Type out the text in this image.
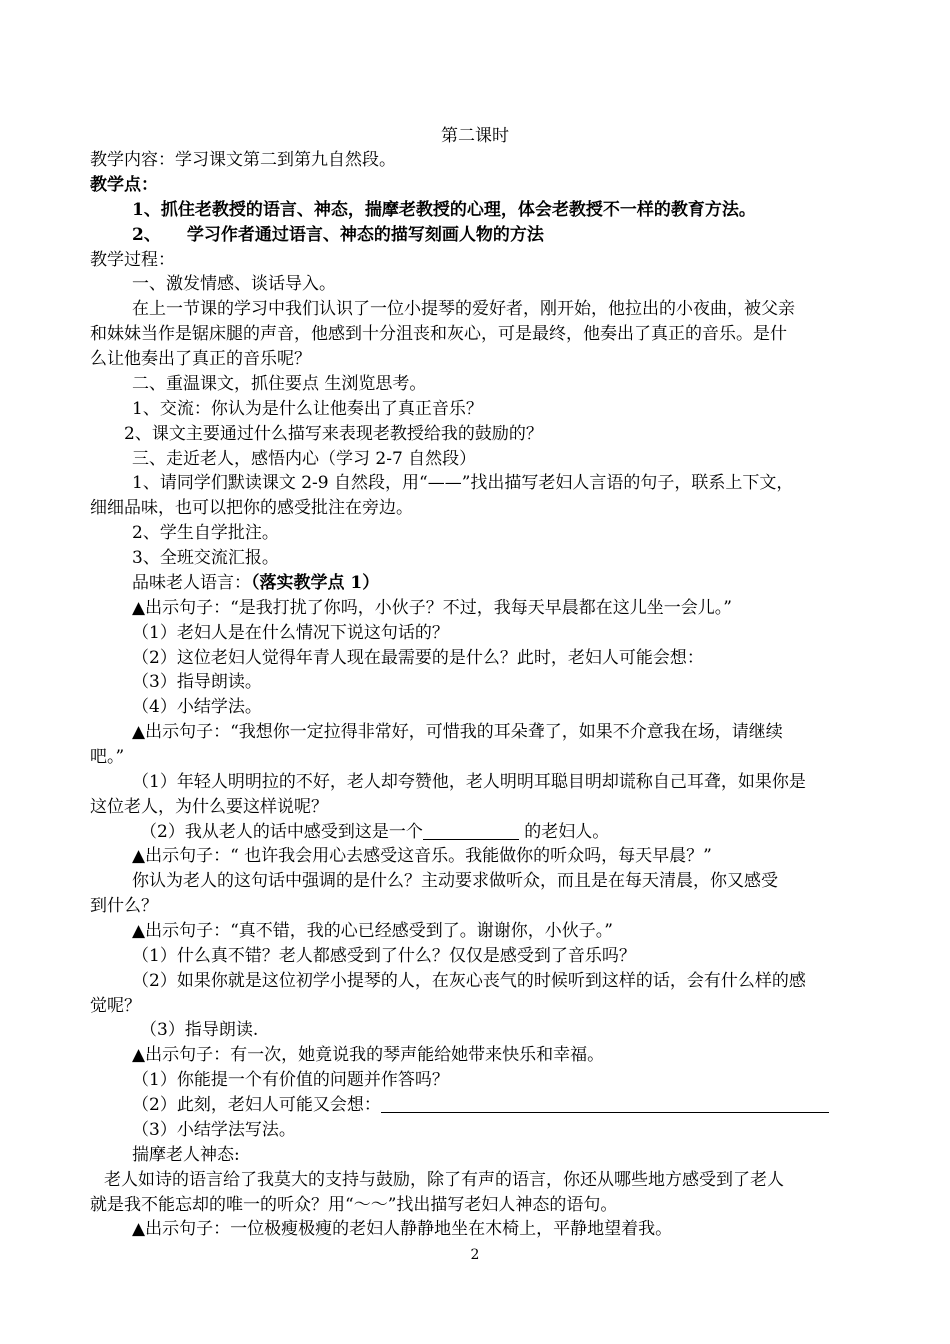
第二课时
教学内容：学习课文第二到第九自然段。
教学点：
1、抓住老教授的语言、神态，揣摩老教授的心理，体会老教授不一样的教育方法。
2、 学习作者通过语言、神态的描写刻画人物的方法
教学过程：
一、激发情感、谈话导入。
在上一节课的学习中我们认识了一位小提琴的爱好者，刚开始，他拉出的小夜曲，被父亲
和妹妹当作是锯床腿的声音，他感到十分沮丧和灰心，可是最终，他奏出了真正的音乐。是什
么让他奏出了真正的音乐呢？
二、重温课文，抓住要点 生浏览思考。
1、交流：你认为是什么让他奏出了真正音乐？
2、课文主要通过什么描写来表现老教授给我的鼓励的？
三、走近老人，感悟内心（学习 2-7 自然段）
1、请同学们默读课文 2-9 自然段，用“——”找出描写老妇人言语的句子，联系上下文，
细细品味，也可以把你的感受批注在旁边。
2、学生自学批注。
3、全班交流汇报。
品味老人语言：（落实教学点 1）
▲出示句子：“是我打扰了你吗，小伙子？不过，我每天早晨都在这儿坐一会儿。”
（1）老妇人是在什么情况下说这句话的？
（2）这位老妇人觉得年青人现在最需要的是什么？此时，老妇人可能会想：
（3）指导朗读。
（4）小结学法。
▲出示句子：“我想你一定拉得非常好，可惜我的耳朵聋了，如果不介意我在场，请继续
吧。”
（1）年轻人明明拉的不好，老人却夸赞他，老人明明耳聪目明却谎称自己耳聋，如果你是
这位老人，为什么要这样说呢？
（2）我从老人的话中感受到这是一个	的老妇人。
▲出示句子：“ 也许我会用心去感受这音乐。我能做你的听众吗，每天早晨？”
你认为老人的这句话中强调的是什么？主动要求做听众，而且是在每天清晨，你又感受
到什么？
▲出示句子：“真不错，我的心已经感受到了。谢谢你，小伙子。”
（1）什么真不错？老人都感受到了什么？仅仅是感受到了音乐吗？
（2）如果你就是这位初学小提琴的人，在灰心丧气的时候听到这样的话，会有什么样的感
觉呢？
（3）指导朗读.
▲出示句子：有一次，她竟说我的琴声能给她带来快乐和幸福。
（1）你能提一个有价值的问题并作答吗？
（2）此刻，老妇人可能又会想：
（3）小结学法写法。
揣摩老人神态:
老人如诗的语言给了我莫大的支持与鼓励，除了有声的语言，你还从哪些地方感受到了老人
就是我不能忘却的唯一的听众？用“～～”找出描写老妇人神态的语句。
▲出示句子：一位极瘦极瘦的老妇人静静地坐在木椅上，平静地望着我。
2
